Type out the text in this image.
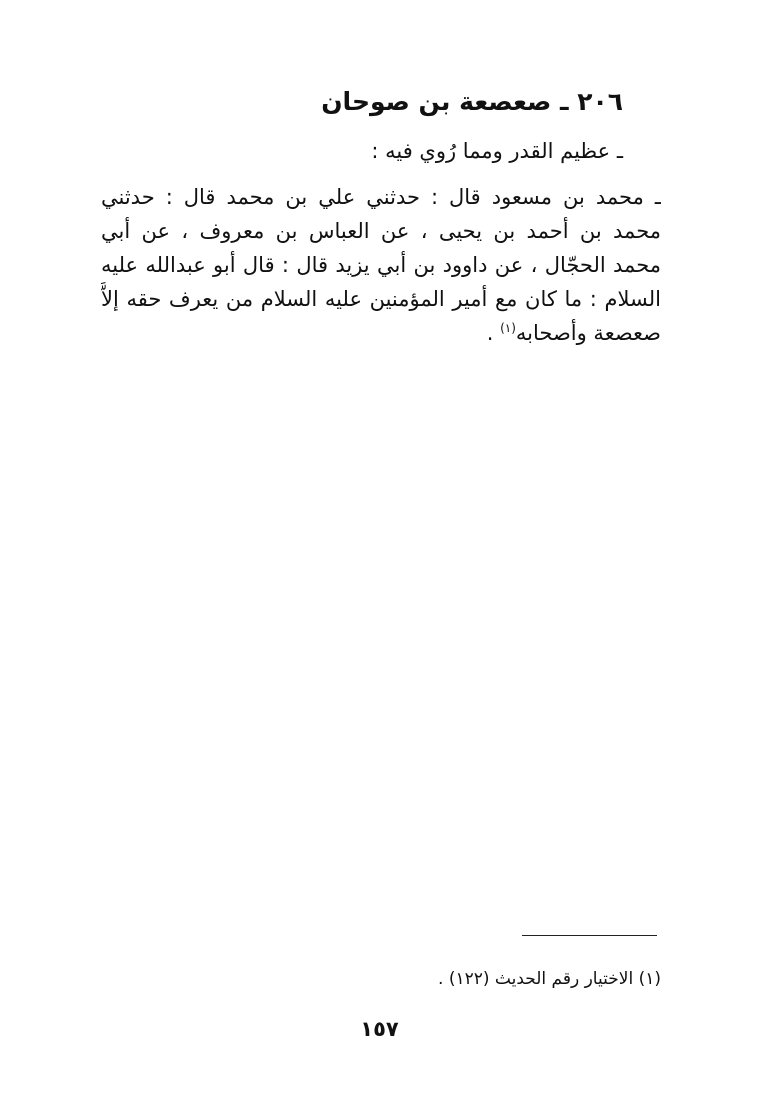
٢٠٦ ـ صعصعة بن صوحان
ـ عظيم القدر ومما رُوي فيه :
ـ محمد بن مسعود قال : حدثني علي بن محمد قال : حدثني
محمد بن أحمد بن يحيى ، عن العباس بن معروف ، عن أبي
محمد الحجّال ، عن داوود بن أبي يزيد قال : قال أبو عبدالله عليه
السلام : ما كان مع أمير المؤمنين عليه السلام من يعرف حقه إلاَّ
صعصعة وأصحابه$^{(١)}$ .
(١) الاختيار رقم الحديث (١٢٢) .
١٥٧
